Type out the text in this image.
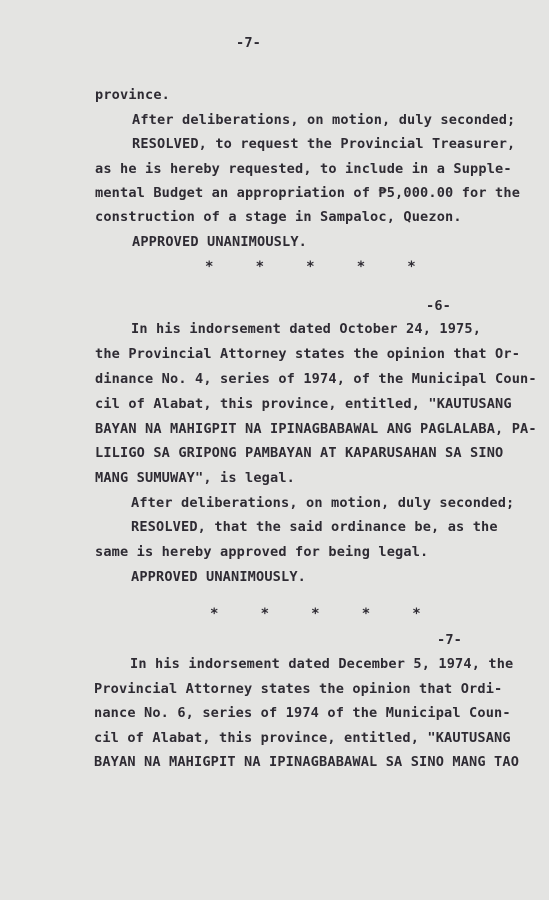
-7-
province.
After deliberations, on motion, duly seconded;
RESOLVED, to request the Provincial Treasurer,
as he is hereby requested, to include in a Supple-
mental Budget an appropriation of ₱5,000.00 for the
construction of a stage in Sampaloc, Quezon.
APPROVED UNANIMOUSLY.
*     *     *     *     *
-6-
In his indorsement dated October 24, 1975,
the Provincial Attorney states the opinion that Or-
dinance No. 4, series of 1974, of the Municipal Coun-
cil of Alabat, this province, entitled, "KAUTUSANG
BAYAN NA MAHIGPIT NA IPINAGBABAWAL ANG PAGLALABA, PA-
LILIGO SA GRIPONG PAMBAYAN AT KAPARUSAHAN SA SINO
MANG SUMUWAY", is legal.
After deliberations, on motion, duly seconded;
RESOLVED, that the said ordinance be, as the
same is hereby approved for being legal.
APPROVED UNANIMOUSLY.
*     *     *     *     *
-7-
In his indorsement dated December 5, 1974, the
Provincial Attorney states the opinion that Ordi-
nance No. 6, series of 1974 of the Municipal Coun-
cil of Alabat, this province, entitled, "KAUTUSANG
BAYAN NA MAHIGPIT NA IPINAGBABAWAL SA SINO MANG TAO
